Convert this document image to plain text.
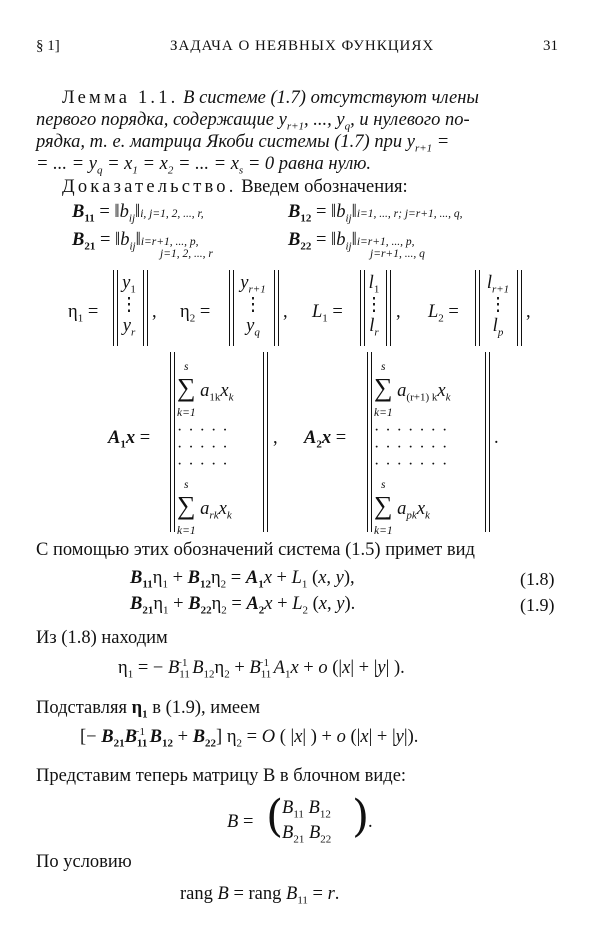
§ 1]	ЗАДАЧА О НЕЯВНЫХ ФУНКЦИЯХ	31
Лемма 1.1. В системе (1.7) отсутствуют члены
первого порядка, содержащие $y_{r+1}$, ..., $y_q$, и нулевого по-
рядка, т. е. матрица Якоби системы (1.7) при $y_{r+1}$ =
= ... = $y_q = x_1 = x_2$ = ... = $x_s = 0$ равна нулю.
Доказательство. Введем обозначения:
$B_{11}$ = $‖b_{ij}‖i$, j=1, 2, ..., r,	$B_{12}$ = $‖b_{ij}‖i=1$, ..., r; j=r+1, ..., q,
$B_{21}$ = $‖b_{ij}‖i=r+1$, ..., p,
j=1, 2, ..., r
$B_{22}$ = $‖b_{ij}‖i=r+1$, ..., p,
j=r+1, ..., q
$\eta_1$ =
$y_1$
⋮
$y_r$
, $\eta_2$ =
$y_{r+1}$
⋮
$y_q$
, $L_1$ =
$l_1$
⋮
$l_r$
, $L_2$ =
$l_{r+1}$
⋮
$l_p$
,
$A_1x$ =
s
∑ $a_{1k}x_k$
k=1
·····
·····
·····
s
∑ $a_{rk}x_k$
k=1
, $A_2x$ =
s
∑ $a_{(r+1) k}x_k$
k=1
·······
·······
·······
s
∑ $a_{pk}x_k$
k=1
.
С помощью этих обозначений система (1.5) примет вид
$B_{11}\eta_1 + B_{12}\eta_2 = A_1x + L_1$ (x, y),	(1.8)
$B_{21}\eta_1 + B_{22}\eta_2 = A_2x + L_2$ (x, y).	(1.9)
Из (1.8) находим
$\eta_1$ = − $B_{11}^{-1}$ $B_{12}\eta_2 + B_{11}^{-1}$ $A_1x + o$ (|x| + |y| ).
Подставляя $\eta_1$ в (1.9), имеем
[− $B_{21}B_{11}^{-1}$ $B_{12} + B_{22}$] $\eta_2 = O$ ( |x| ) + o (|x| + |y|).
Представим теперь матрицу B в блочном виде:
B = (
$B_{11}$ $B_{12}$
$B_{21}$ $B_{22}$ )
.
По условию
rang B = rang $B_{11} = r$.
